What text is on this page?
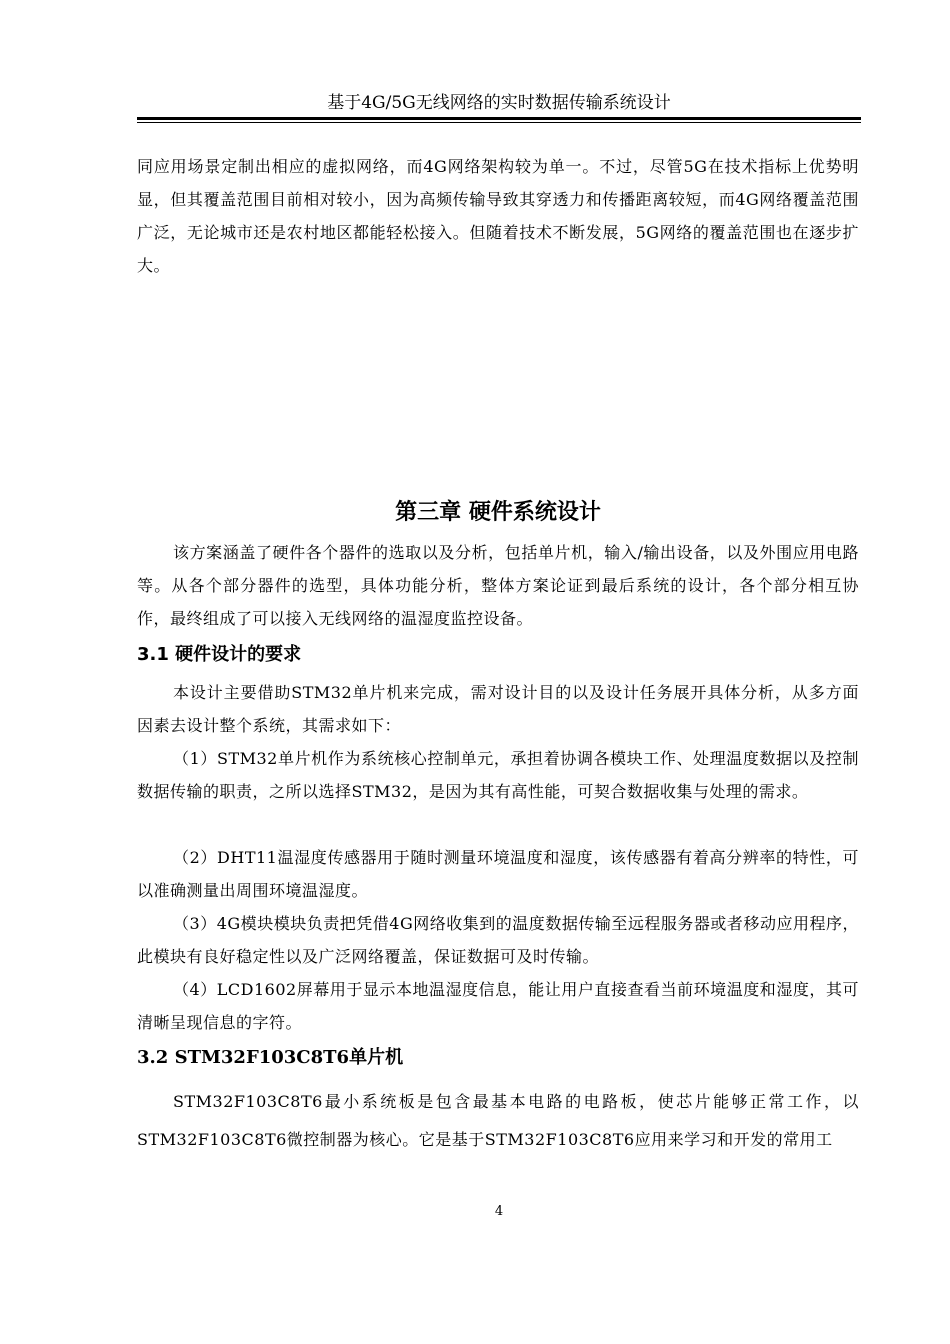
基于4G/5G无线网络的实时数据传输系统设计

同应用场景定制出相应的虚拟网络，而4G网络架构较为单一。不过，尽管5G在技术指标上优势明显，但其覆盖范围目前相对较小，因为高频传输导致其穿透力和传播距离较短，而4G网络覆盖范围广泛，无论城市还是农村地区都能轻松接入。但随着技术不断发展，5G网络的覆盖范围也在逐步扩大。

第三章 硬件系统设计

该方案涵盖了硬件各个器件的选取以及分析，包括单片机，输入/输出设备，以及外围应用电路等。从各个部分器件的选型，具体功能分析，整体方案论证到最后系统的设计，各个部分相互协作，最终组成了可以接入无线网络的温湿度监控设备。

3.1 硬件设计的要求

本设计主要借助STM32单片机来完成，需对设计目的以及设计任务展开具体分析，从多方面因素去设计整个系统，其需求如下：

（1）STM32单片机作为系统核心控制单元，承担着协调各模块工作、处理温度数据以及控制数据传输的职责，之所以选择STM32，是因为其有高性能，可契合数据收集与处理的需求。

（2）DHT11温湿度传感器用于随时测量环境温度和湿度，该传感器有着高分辨率的特性，可以准确测量出周围环境温湿度。

（3）4G模块模块负责把凭借4G网络收集到的温度数据传输至远程服务器或者移动应用程序，此模块有良好稳定性以及广泛网络覆盖，保证数据可及时传输。

（4）LCD1602屏幕用于显示本地温湿度信息，能让用户直接查看当前环境温度和湿度，其可清晰呈现信息的字符。

3.2 STM32F103C8T6单片机

STM32F103C8T6最小系统板是包含最基本电路的电路板，使芯片能够正常工作，以STM32F103C8T6微控制器为核心。它是基于STM32F103C8T6应用来学习和开发的常用工

4
